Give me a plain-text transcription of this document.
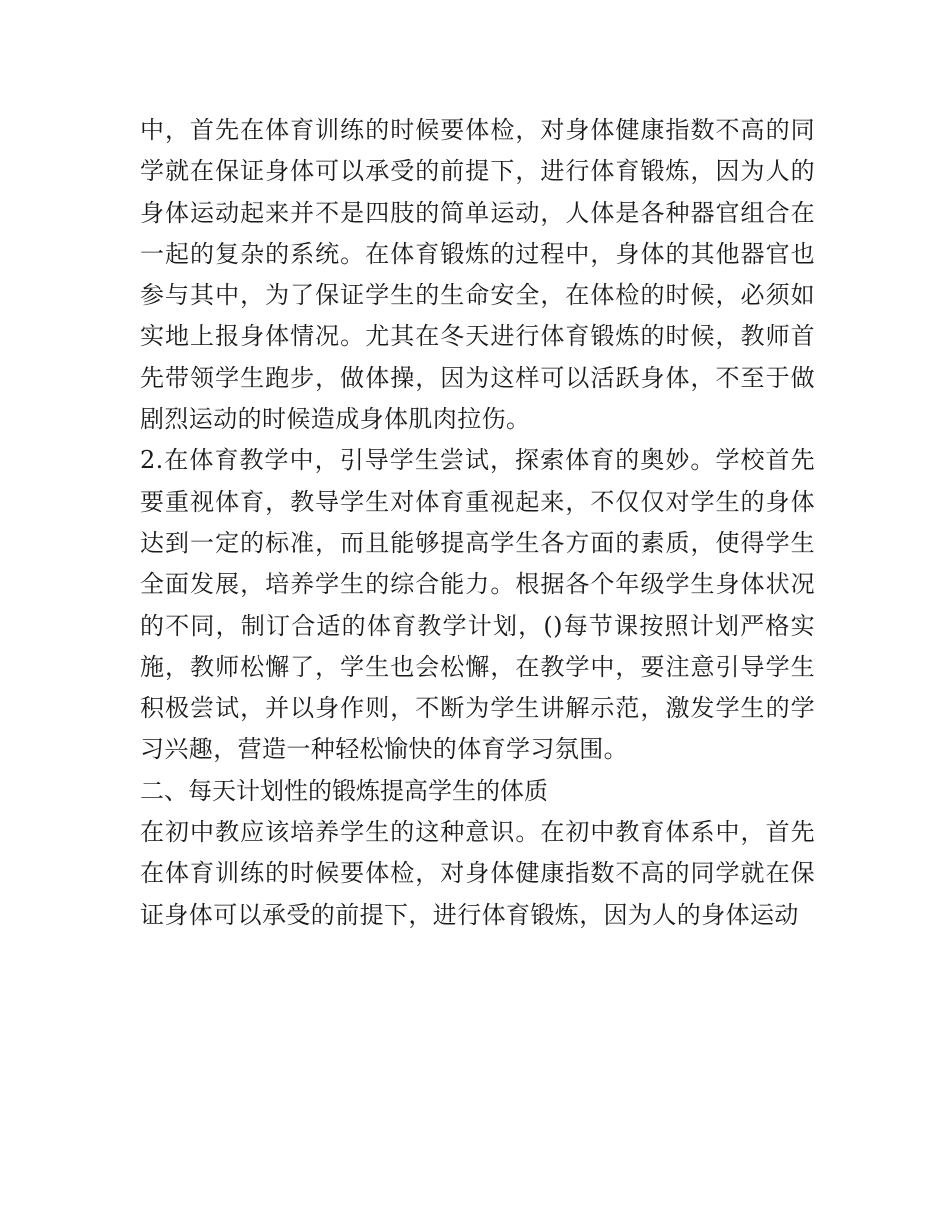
中，首先在体育训练的时候要体检，对身体健康指数不高的同学就在保证身体可以承受的前提下，进行体育锻炼，因为人的身体运动起来并不是四肢的简单运动，人体是各种器官组合在一起的复杂的系统。在体育锻炼的过程中，身体的其他器官也参与其中，为了保证学生的生命安全，在体检的时候，必须如实地上报身体情况。尤其在冬天进行体育锻炼的时候，教师首先带领学生跑步，做体操，因为这样可以活跃身体，不至于做剧烈运动的时候造成身体肌肉拉伤。

2.在体育教学中，引导学生尝试，探索体育的奥妙。学校首先要重视体育，教导学生对体育重视起来，不仅仅对学生的身体达到一定的标准，而且能够提高学生各方面的素质，使得学生全面发展，培养学生的综合能力。根据各个年级学生身体状况的不同，制订合适的体育教学计划，()每节课按照计划严格实施，教师松懈了，学生也会松懈，在教学中，要注意引导学生积极尝试，并以身作则，不断为学生讲解示范，激发学生的学习兴趣，营造一种轻松愉快的体育学习氛围。

二、每天计划性的锻炼提高学生的体质

在初中教应该培养学生的这种意识。在初中教育体系中，首先在体育训练的时候要体检，对身体健康指数不高的同学就在保证身体可以承受的前提下，进行体育锻炼，因为人的身体运动
